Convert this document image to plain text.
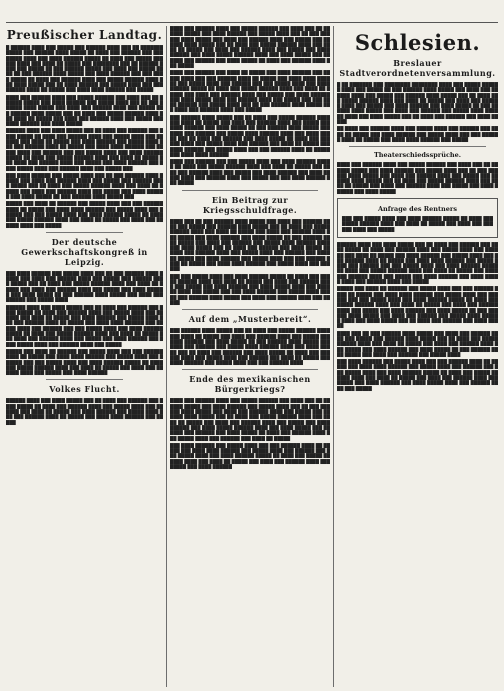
Preußischer Landtag.
█ ██████ ████ ███ █████ ███ ██████ ████ ███ ██ ███████ █████ ███ ██████ ████ █████ ██ ████ ███ ██████ ███ ███ █████ ████ ███ ████ ██████ █████ ██ ████ ███ █████ ██████ ████ ███ ████ ██ █████ ███ ████████ ███ ██ ██████ ████ ███ █████ ██ ███ ██████ █████ ███ ████ ███ █████ ████ ██ ███ ██████ ████ █████ ███ ████ ██████ ███ ███ ████ █████ ██ ████ ███ ██████ ████ ███ █████ ██████ ████ ███ ████ █████ ███ ██ ████ ██████ ███ █████ ████ ███ ███ ██████ ████ ██ █████ ███ ████ ████ ██████ ███ █████
████ ███ ██████ ████ ███ █████ ██████ ███ ████ ███ ██ ██████ █████ ███ ████ ██████ ███ █████ ████ ███ ██ ███ ██████ ████ █████ ███ ████ ███ ██████ ████ ███ █████ ███ ██████ ████ █████ ███ ██ ████ ███ █████ ██████ ████ ███ ████ ██ █████ ███ ████ ███ ██████ ████ ███ █████ ███ ████ ██████ ███ ████ █████
██████ ████ ███ ████ █████ ███ ██ ████ ███ ██████ ███ ████ █████ ██ ████ ███ ██████ ████ ███ █████ ████ ███ ██████ ███ ████ ██ █████ ███ ████ ██████ ███ █████ ████ ███ ███ ██████ ████ ██ █████ ███ ████ ████ ██████ ███ █████ ████ ███ ██████ ███ ███ █████ ████ ███ ████ ██████ █████ ██ ████ ███ █████ ██████ ████ ███ ████ ██ █████ ███ ████ ███ ██████ ████ ███ █████ ███ ████ ██████ ███ ████ █████ ████ ███ ██████ ████ ███ █████ ███
███ ████ ██████ ███ █████ ████ ███ ██ ███ ██████ ████ █████ ███ ████ ███ ██████ ████ ███ █████ ███ ██████ ████ █████ ███ ██ ████ ███ █████ ██████ ████ ███ ████ ██ █████ ███ ████ ███ ██████ ████ ███ █████ ███ ████ ██████ ███ ████ █████ ██ ███ ██████ ████ █████ ███
█████ ███ ████ ██ ██████ ███ █████ ████ ███ ███ ██████ ████ ██ █████ ███ ████ ████ ██████ ███ █████ ████ ███ ██████ ███ ███ █████ ████ ███ ████ ██████ █████ ██ ████ ███ █████ ██████ ████ ███ ████ ██ █████ ███ ████ ███ ██████ ████ ███ █████
Der deutsche Gewerkschaftskongreß in Leipzig.
███ ████ ██████ ███ █████ ████ ███ ██ ███ ██████ ████ █████ ███ ████ ███ ██████ ████ ███ █████ ███ ██████ ████ █████ ███ ██ ████ ███ █████ ██████ ████ ███ ████ ██ █████ ███ ████ ███ ██████ ████ ███ █████ ███ ████ ██████ ███ ████ █████ ██ ███ ██████ ████ █████ ███ ████ ███ ██████ ███ █████ ████
██████ ████ ███ ████ █████ ███ ██ ████ ███ ██████ ███ ████ █████ ██ ████ ███ ██████ ████ ███ █████ ████ ███ ██████ ███ ████ ██ █████ ███ ████ ██████ ███ █████ ████ ███ ███ ██████ ████ ██ █████ ███ ████ ████ ██████ ███ █████ ████ ███ ██████ ███ ███ █████ ████ ███ ████ ██████ █████ ██ ████ ███ █████ ██████ ████ ███ ████ ██ █████ ███ ████ ███ ██████ ████ ███ █████ ███ ████ ██████ ███ ████ █████ ████ ███ ██████ ████ ███ █████
█████ ███ ████ ██ ██████ ███ █████ ████ ███ ███ ██████ ████ ██ █████ ███ ████ ████ ██████ ███ █████ ████ ███ ██████ ███ ███ █████ ████ ███ ████ ██████ █████ ██ ████ ███ █████ ██████ ████ ███ ████ ██ █████ ███ ████ ███ ██████ ████ ███ █████ ███ ████ ██████
Volkes Flucht.
██████ ████ ███ ████ █████ ███ ██ ████ ███ ██████ ███ ████ █████ ██ ████ ███ ██████ ████ ███ █████ ████ ███ ██████ ███ ████ ██ █████ ███ ████ ██████ ███ █████ ████ ███ ███ ██████ ████ ██ █████ ███ ████ ████ ██████ ███ █████
████ ███ ██████ ████ ███ █████ ██████ ███ ████ ███ ██ ██████ █████ ███ ████ ██████ ███ █████ ████ ███ ██ ███ ██████ ████ █████ ███ ████ ███ ██████ ████ ███ █████ ███ ██████ ████ █████ ███ ██ ████ ███ █████ ██████ ████ ███ ████ ██ █████ ███ ████ ███ ██████ ████ ███ █████ ███ ████ ██████ ███ ████ █████ ██████ ████ ███ ████ █████ ███ ██ ████ ███ ██████ ███ ████ █████ ██ ████ ███ ██████ ████ ███ █████
████ ███ ██████ ███ ████ ██ █████ ███ ████ ██████ ███ █████ ████ ███ ███ ██████ ████ ██ █████ ███ ████ ████ ██████ ███ █████ ████ ███ ██████ ███ ███ █████ ████ ███ ████ ██████ █████ ██ ████ ███ █████ ██████ ████ ███ ████ ██ █████ ███ ████ ███ ██████ ████ ███ █████ ███ ████ ██████ ███ ████ █████ ████ ███ ██████ ████ ███ █████ ███ ███ ████ ██████ ███ █████ ████ ███ ██ ███ ██████ ████ █████ ███ ████ ███ ██████ ████ ███ █████
███ ██████ ████ █████ ███ ██ ████ ███ █████ ██████ ████ ███ ████ ██ █████ ███ ████ ███ ██████ ████ ███ █████ ███ ████ ██████ ███ ████ █████ ██ ███ ██████ ████ █████ ███ ████ ███ ██████ ███ █████ ████ ██████ ████ ███ ████ █████ ███ ██ ████ ███ ██████ ███ ████ █████ ██ ████ ███ ██████ ████ ███ █████ ████ ███ ██████ ███ ████ ██ █████ ███ ████ ██████ ███ █████ ████ ███ ███ ██████ ████ ██ █████ ███ ████ ████ ██████
████ ███ ██████ ███ ███ █████ ████ ███ ████ ██████ █████ ██ ████ ███ █████ ██████ ████ ███ ████ ██ █████ ███ ████ ███ ██████ ████ ███ █████ ███ ████ ██████ ███ ████ █████ ████ ███ ██████ ████ ███ █████ ███ ███ ████ ██████ ███ █████
Ein Beitrag zur Kriegsschuldfrage.
████ ███ ██ ███ ██████ ████ █████ ███ ████ ███ ██████ ████ ███ █████ ███ ██████ ████ █████ ███ ██ ████ ███ █████ ██████ ████ ███ ████ ██ █████ ███ ████ ███ ██████ ████ ███ █████ ███ ████ ██████ ███ ████ █████ ██ ███ ██████ ████ █████ ███ ████ ███ ██████ ███ █████ ████ ██████ ████ ███ ████ █████ ███ ██ ████ ███ ██████ ███ ████ █████ ██ ████ ███ ██████ ████ ███ █████ ████ ███ ██████ ███ ████ ██ █████ ███ ████ ██████ ███ █████ ████ ███ ███ ██████ ████ ██ █████ ███ ████ ████ ██████ ███ █████ ████ ███ ██████
███ ███ █████ ████ ███ ████ ██████ █████ ██ ████ ███ █████ ██████ ████ ███ ████ ██ █████ ███ ████ ███ ██████ ████ ███ █████ ███ ████ ██████ ███ ████ █████ ████ ███ ██████ ████ ███ █████ ███ ███ ████ ██████ ███ █████ ████ ███ ██ ███ ██████ ████ █████ ███ ████ ███ ██████ ████ ███ █████
Auf dem „Musterbereit“.
███ ██████ ████ █████ ███ ██ ████ ███ █████ ██████ ████ ███ ████ ██ █████ ███ ████ ███ ██████ ████ ███ █████ ███ ████ ██████ ███ ████ █████ ██ ███ ██████ ████ █████ ███ ████ ███ ██████ ███ █████ ████ ██████ ████ ███ ████ █████ ███ ██ ████ ███ ██████ ███ ████ █████ ██ ████ ███ ██████ ████ ███ █████ ████ ███ ██████ ███ ████ ██ █████ ███ ████ ██████ ███ █████ ████ ███ ███ ██████ ████
Ende des mexikanischen Bürgerkriegs?
████ ███ ██████ ████ ███ █████ ██████ ███ ████ ███ ██ ██████ █████ ███ ████ ██████ ███ █████ ████ ███ ██ ███ ██████ ████ █████ ███ ████ ███ ██████ ████ ███ █████ ███ ██████ ████ █████ ███ ██ ████ ███ █████ ██████ ████ ███ ████ ██ █████ ███ ████ ███ ██████ ████ ███ █████ ███ ████ ██████ ███ ████ █████ ██████ ████ ███ ████ █████ ███ ██ ████ ███ ██████ ███ ████ █████ ██ ████ ███ ██████ ████ ███ █████ ████ ███ ██████ ███ ████ ██ █████
███ ████ ██████ ███ █████ ████ ███ ███ ██████ ████ ██ █████ ███ ████ ████ ██████ ███ █████ ████ ███ ██████ ███ ███ █████ ████ ███ ████ ██████ █████ ██ ████ ███ █████ ██████ ████ ███ ████ ██ █████ ███ ████ ███ ██████ ████ ███ █████ ███ ████ ██████
Schlesien.
Breslauer Stadtverordnetenversammlung.
█ ██ ███████ ███ ████████ ████████ ████ ███ █████ ██████ ████ ███ █████ ██ ███ ██████ ████ █████ ███ ████ ███ ██████ ████ ███ █████ ███ ██████ ████ █████ ███ ██ ████ ███ █████ ██████ ████ ███ ████ ██ █████ ███ ████ ███ ██████ ████ ███ █████ ███ ████ ██████ ███ ████ █████ ██ ███ ██████ ████ █████ ███ ████ ███ ██████ ███ █████ ████ ██████ ████ ███ ████ █████ ███ ██ ████ ███ ██████ ███ ████ █████
██ ████ ███ ██████ ████ ███ █████ ████ ███ ██████ ███ ████ ██ █████ ███ ████ ██████ ███ █████ ████ ███ ███ ██████ ████ ██ █████ ███ ████ ████ ██████ ███ █████
Theaterschiedssprüche.
████ ███ ██████ ████ ███ █████ ██████ ███ ████ ███ ██ ██████ █████ ███ ████ ██████ ███ █████ ████ ███ ██ ███ ██████ ████ █████ ███ ████ ███ ██████ ████ ███ █████ ███ ██████ ████ █████ ███ ██ ████ ███ █████ ██████ ████ ███ ████ ██ █████ ███ ████ ███ ██████ ████ ███ █████ ███ ████ ██████ ███ ████ █████
Anfrage des Rentners
███ ███ █████ ████ ███ ████ ██████ █████ ██ ████ ███ █████ ██████ ████ ███ ████ ██ █████ ███ ████ ███ ██████ ████ ███ █████
██████ ████ ███ ████ █████ ███ ██ ████ ███ ██████ ███ ████ █████ ██ ████ ███ ██████ ████ ███ █████ ████ ███ ██████ ███ ████ ██ █████ ███ ████ ██████ ███ █████ ████ ███ ███ ██████ ████ ██ █████ ███ ████ ████ ██████ ███ █████ ████ ███ ██████ ███ ███ █████ ████ ███ ████ ██████ █████ ██ ████ ███ █████ ██████ ████ ███ ████ ██ █████ ███ ████ ███ ██████ ████ ███ █████ ███ ████ ██████ ███ ████ █████ ████ ███ ██████ ████ ███ █████
█████ ███ ████ ██ ██████ ███ █████ ████ ███ ███ ██████ ████ ██ █████ ███ ████ ████ ██████ ███ █████ ████ ███ ██████ ███ ███ █████ ████ ███ ████ ██████ █████ ██ ████ ███ █████ ██████ ████ ███ ████ ██ █████ ███ ████ ███ ██████ ████ ███ █████ ███ ████ ██████ ███ ████ █████ ██ ███ ██████ ████ █████ ███ ████ ███ ██████ ███ █████ ████ ██████ ████ ███ ████ █████ ███ ██ ████ ███ ██████ ███ ████ █████
████ ███ ██ ███ ██████ ████ █████ ███ ████ ███ ██████ ████ ███ █████ ███ ██████ ████ █████ ███ ██ ████ ███ █████ ██████ ████ ███ ████ ██ █████ ███ ████ ███ ██████ ████ ███ █████ ███ ████ ██████ ███ ████ █████ ██ ███ ██████ ████ █████ ███ ████ ███ ██████ ███ █████ ████
███ ████ ██████ ███ █████ ████ ███ ███ ██████ ████ ██ █████ ███ ████ ████ ██████ ███ █████ ████ ███ ██████ ███ ███ █████ ████ ███ ████ ██████ █████ ██ ████ ███ █████ ██████ ████ ███ ████ ██ █████ ███ ████ ███ ██████ ████ ███ █████ ███ ████ ██████ ███ ████ █████ ████ ███ ██████ ████ ███ █████
